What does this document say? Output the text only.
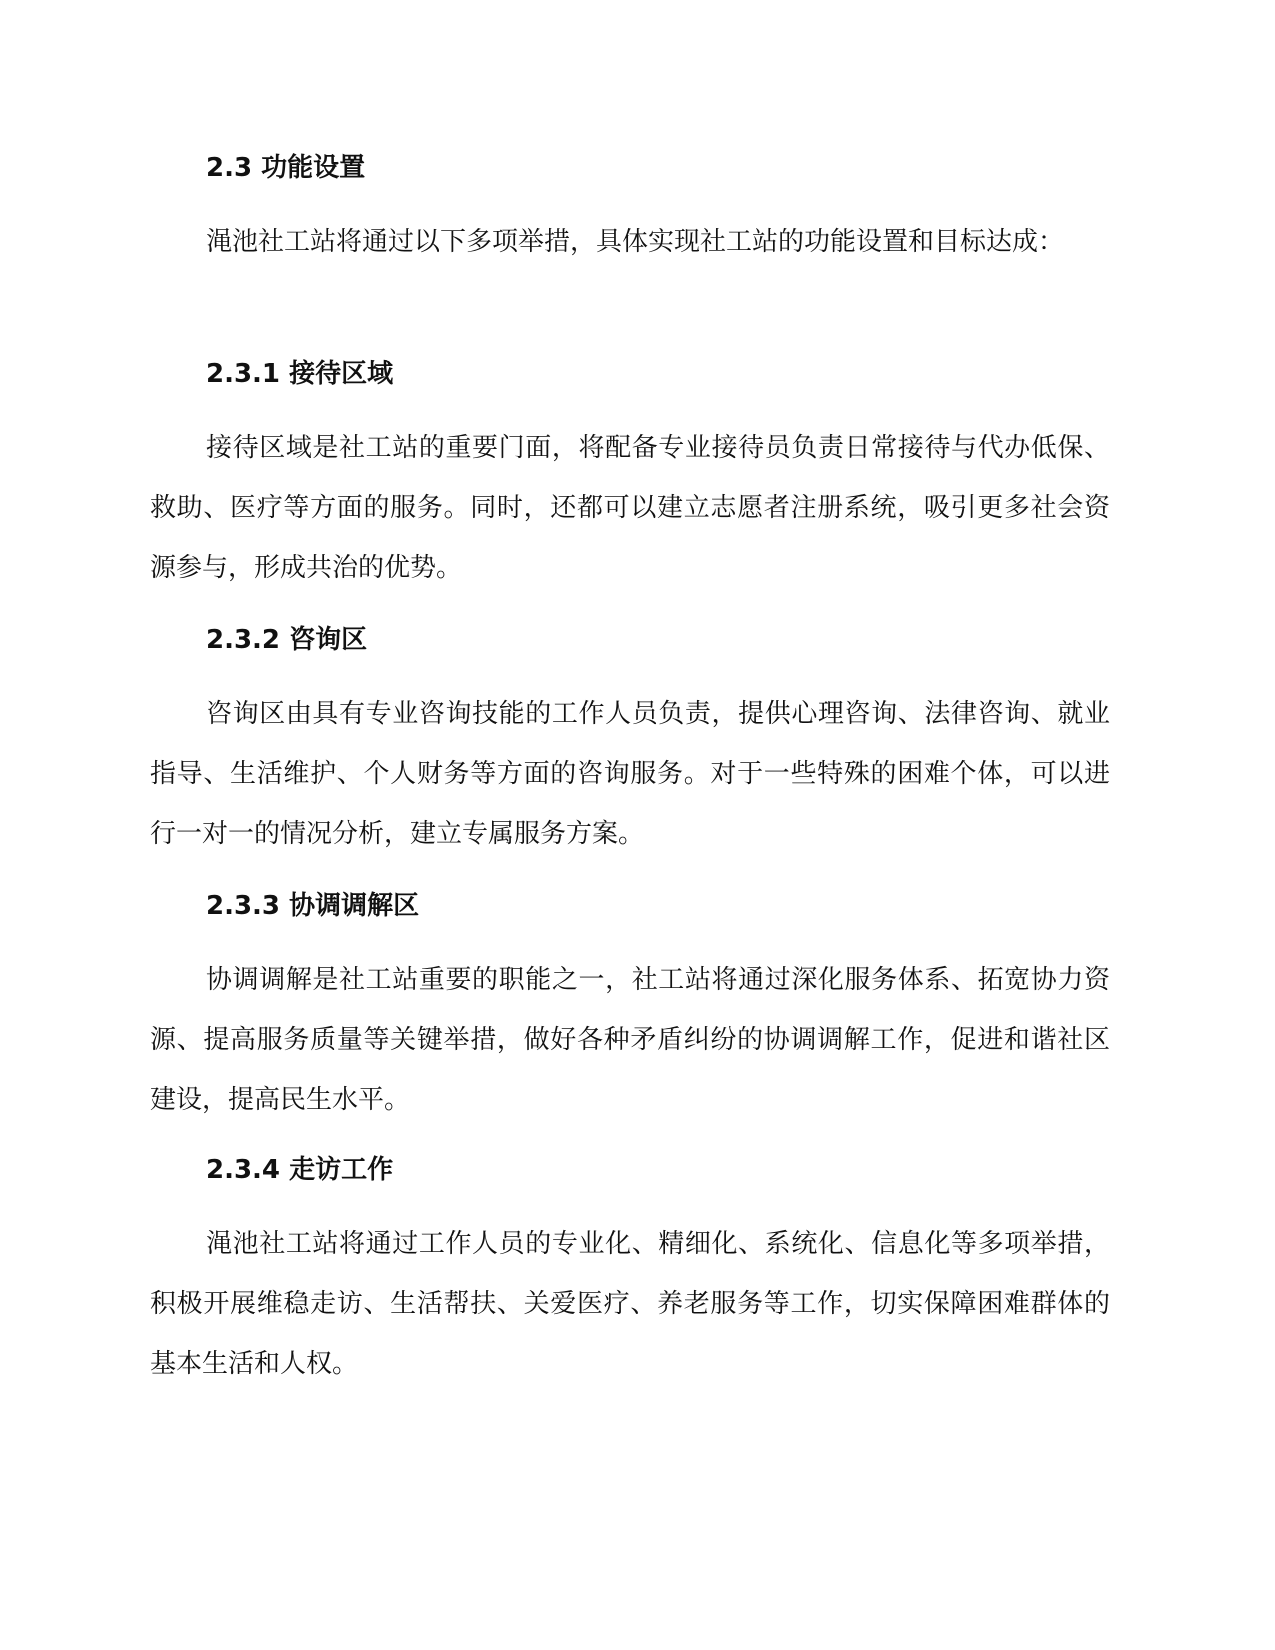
2.3 功能设置

渑池社工站将通过以下多项举措，具体实现社工站的功能设置和目标达成：

2.3.1 接待区域

接待区域是社工站的重要门面，将配备专业接待员负责日常接待与代办低保、救助、医疗等方面的服务。同时，还都可以建立志愿者注册系统，吸引更多社会资源参与，形成共治的优势。

2.3.2 咨询区

咨询区由具有专业咨询技能的工作人员负责，提供心理咨询、法律咨询、就业指导、生活维护、个人财务等方面的咨询服务。对于一些特殊的困难个体，可以进行一对一的情况分析，建立专属服务方案。

2.3.3 协调调解区

协调调解是社工站重要的职能之一，社工站将通过深化服务体系、拓宽协力资源、提高服务质量等关键举措，做好各种矛盾纠纷的协调调解工作，促进和谐社区建设，提高民生水平。

2.3.4 走访工作

渑池社工站将通过工作人员的专业化、精细化、系统化、信息化等多项举措，积极开展维稳走访、生活帮扶、关爱医疗、养老服务等工作，切实保障困难群体的基本生活和人权。
